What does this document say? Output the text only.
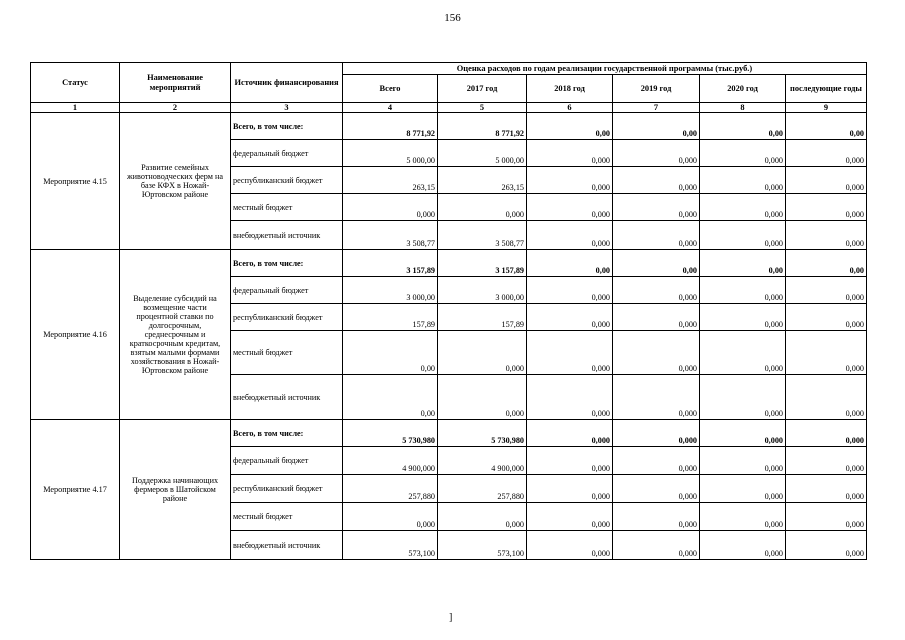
156
Статус	Наименование мероприятий	Источник финансирования	Оценка расходов по годам реализации государственной программы (тыс.руб.)					
			Всего	2017 год	2018 год	2019 год	2020 год	последующие годы
1	2	3	4	5	6	7	8	9
Мероприятие 4.15	Развитие семейных животноводческих ферм на базе КФХ в Ножай-Юртовском районе	Всего, в том числе:	8 771,92	8 771,92	0,00	0,00	0,00	0,00
		федеральный бюджет	5 000,00	5 000,00	0,000	0,000	0,000	0,000
		республиканский бюджет	263,15	263,15	0,000	0,000	0,000	0,000
		местный бюджет	0,000	0,000	0,000	0,000	0,000	0,000
		внебюджетный источник	3 508,77	3 508,77	0,000	0,000	0,000	0,000
Мероприятие 4.16	Выделение субсидий на возмещение части процентной ставки по долгосрочным, среднесрочным и краткосрочным кредитам, взятым малыми формами хозяйствования в Ножай-Юртовском районе	Всего, в том числе:	3 157,89	3 157,89	0,00	0,00	0,00	0,00
		федеральный бюджет	3 000,00	3 000,00	0,000	0,000	0,000	0,000
		республиканский бюджет	157,89	157,89	0,000	0,000	0,000	0,000
		местный бюджет	0,00	0,000	0,000	0,000	0,000	0,000
		внебюджетный источник	0,00	0,000	0,000	0,000	0,000	0,000
Мероприятие 4.17	Поддержка начинающих фермеров в Шатойском районе	Всего, в том числе:	5 730,980	5 730,980	0,000	0,000	0,000	0,000
		федеральный бюджет	4 900,000	4 900,000	0,000	0,000	0,000	0,000
		республиканский бюджет	257,880	257,880	0,000	0,000	0,000	0,000
		местный бюджет	0,000	0,000	0,000	0,000	0,000	0,000
		внебюджетный источник	573,100	573,100	0,000	0,000	0,000	0,000
]
